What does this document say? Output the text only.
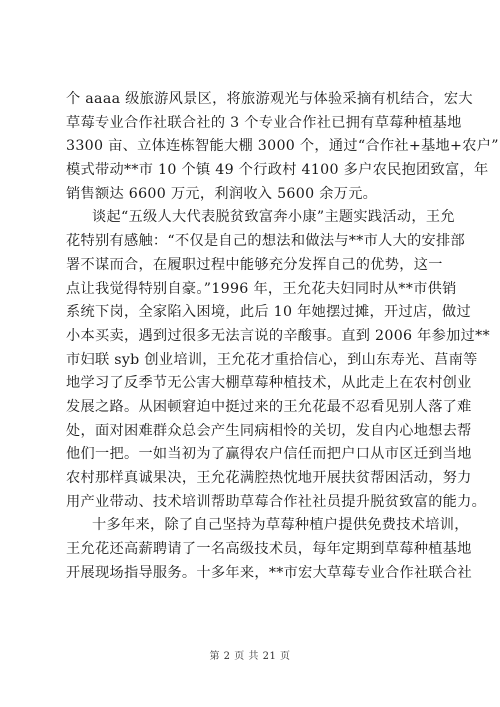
个 aaaa 级旅游风景区，将旅游观光与体验采摘有机结合，宏大
草莓专业合作社联合社的 3 个专业合作社已拥有草莓种植基地
3300 亩、立体连栋智能大棚 3000 个，通过“合作社+基地+农户”
模式带动**市 10 个镇 49 个行政村 4100 多户农民抱团致富，年
销售额达 6600 万元，利润收入 5600 余万元。
谈起“五级人大代表脱贫致富奔小康”主题实践活动，王允
花特别有感触：“不仅是自己的想法和做法与**市人大的安排部
署不谋而合，在履职过程中能够充分发挥自己的优势，这一
点让我觉得特别自豪。”1996 年，王允花夫妇同时从**市供销
系统下岗，全家陷入困境，此后 10 年她摆过摊，开过店，做过
小本买卖，遇到过很多无法言说的辛酸事。直到 2006 年参加过**
市妇联 syb 创业培训，王允花才重拾信心，到山东寿光、莒南等
地学习了反季节无公害大棚草莓种植技术，从此走上在农村创业
发展之路。从困顿窘迫中挺过来的王允花最不忍看见别人落了难
处，面对困难群众总会产生同病相怜的关切，发自内心地想去帮
他们一把。一如当初为了赢得农户信任而把户口从市区迁到当地
农村那样真诚果决，王允花满腔热忱地开展扶贫帮困活动，努力
用产业带动、技术培训帮助草莓合作社社员提升脱贫致富的能力。
十多年来，除了自己坚持为草莓种植户提供免费技术培训，
王允花还高薪聘请了一名高级技术员，每年定期到草莓种植基地
开展现场指导服务。十多年来，**市宏大草莓专业合作社联合社
第 2 页 共 21 页
